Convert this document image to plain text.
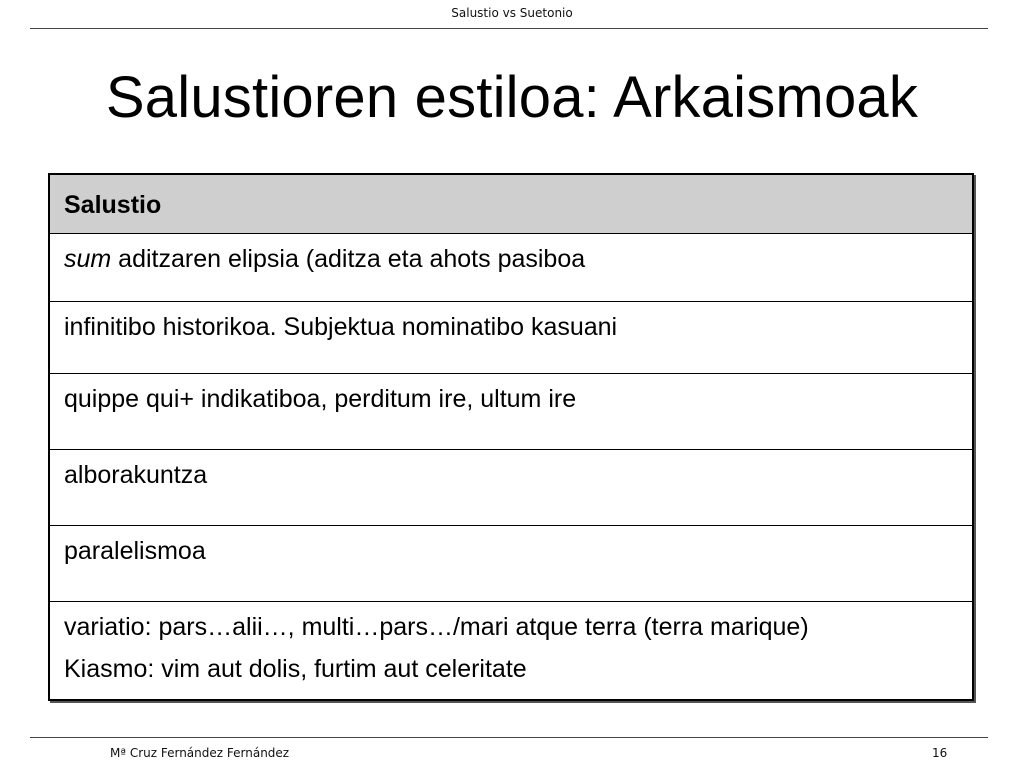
Salustio vs Suetonio
Salustioren estiloa: Arkaismoak
Salustio
sum aditzaren elipsia (aditza eta ahots pasiboa
infinitibo historikoa. Subjektua nominatibo kasuani
quippe qui+ indikatiboa, perditum ire, ultum ire
alborakuntza
paralelismoa

variatio: pars…alii…, multi…pars…/mari atque terra (terra marique)
Kiasmo: vim aut dolis, furtim aut celeritate
Mª Cruz Fernández Fernández	16
